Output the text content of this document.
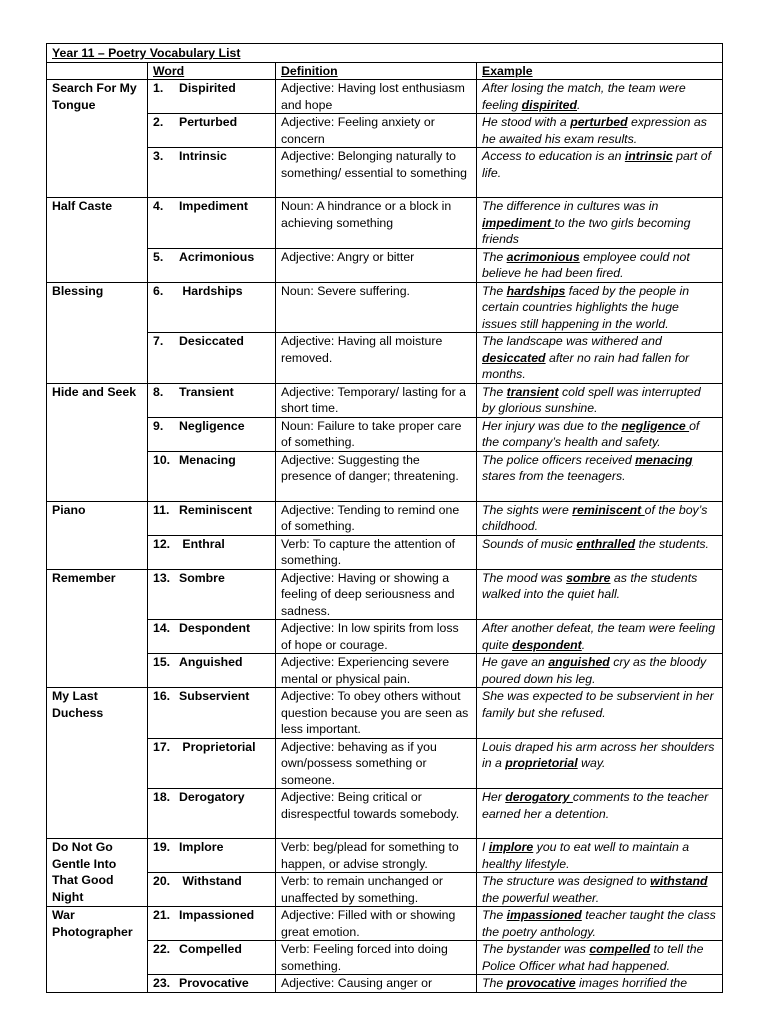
Year 11 – Poetry Vocabulary List			
	Word	Definition	Example
Search For My Tongue	1. Dispirited	Adjective: Having lost enthusiasm and hope	After losing the match, the team were feeling dispirited.
	2. Perturbed	Adjective: Feeling anxiety or concern	He stood with a perturbed expression as he awaited his exam results.
	3. Intrinsic	Adjective: Belonging naturally to something/ essential to something	Access to education is an intrinsic part of life.
Half Caste	4. Impediment	Noun: A hindrance or a block in achieving something	The difference in cultures was in impediment to the two girls becoming friends
	5. Acrimonious	Adjective: Angry or bitter	The acrimonious employee could not believe he had been fired.
Blessing	6. Hardships	Noun: Severe suffering.	The hardships faced by the people in certain countries highlights the huge issues still happening in the world.
	7. Desiccated	Adjective: Having all moisture removed.	The landscape was withered and desiccated after no rain had fallen for months.
Hide and Seek	8. Transient	Adjective: Temporary/ lasting for a short time.	The transient cold spell was interrupted by glorious sunshine.
	9. Negligence	Noun: Failure to take proper care of something.	Her injury was due to the negligence of the company’s health and safety.
	10. Menacing	Adjective: Suggesting the presence of danger; threatening.	The police officers received menacing stares from the teenagers.
Piano	11. Reminiscent	Adjective: Tending to remind one of something.	The sights were reminiscent of the boy’s childhood.
	12. Enthral	Verb: To capture the attention of something.	Sounds of music enthralled the students.
Remember	13. Sombre	Adjective: Having or showing a feeling of deep seriousness and sadness.	The mood was sombre as the students walked into the quiet hall.
	14. Despondent	Adjective: In low spirits from loss of hope or courage.	After another defeat, the team were feeling quite despondent.
	15. Anguished	Adjective: Experiencing severe mental or physical pain.	He gave an anguished cry as the bloody poured down his leg.
My Last Duchess	16. Subservient	Adjective: To obey others without question because you are seen as less important.	She was expected to be subservient in her family but she refused.
	17. Proprietorial	Adjective: behaving as if you own/possess something or someone.	Louis draped his arm across her shoulders in a proprietorial way.
	18. Derogatory	Adjective: Being critical or disrespectful towards somebody.	Her derogatory comments to the teacher earned her a detention.
Do Not Go Gentle Into That Good Night	19. Implore	Verb: beg/plead for something to happen, or advise strongly.	I implore you to eat well to maintain a healthy lifestyle.
	20. Withstand	Verb: to remain unchanged or unaffected by something.	The structure was designed to withstand the powerful weather.
War Photographer	21. Impassioned	Adjective: Filled with or showing great emotion.	The impassioned teacher taught the class the poetry anthology.
	22. Compelled	Verb: Feeling forced into doing something.	The bystander was compelled to tell the Police Officer what had happened.
	23. Provocative	Adjective: Causing anger or	The provocative images horrified the
